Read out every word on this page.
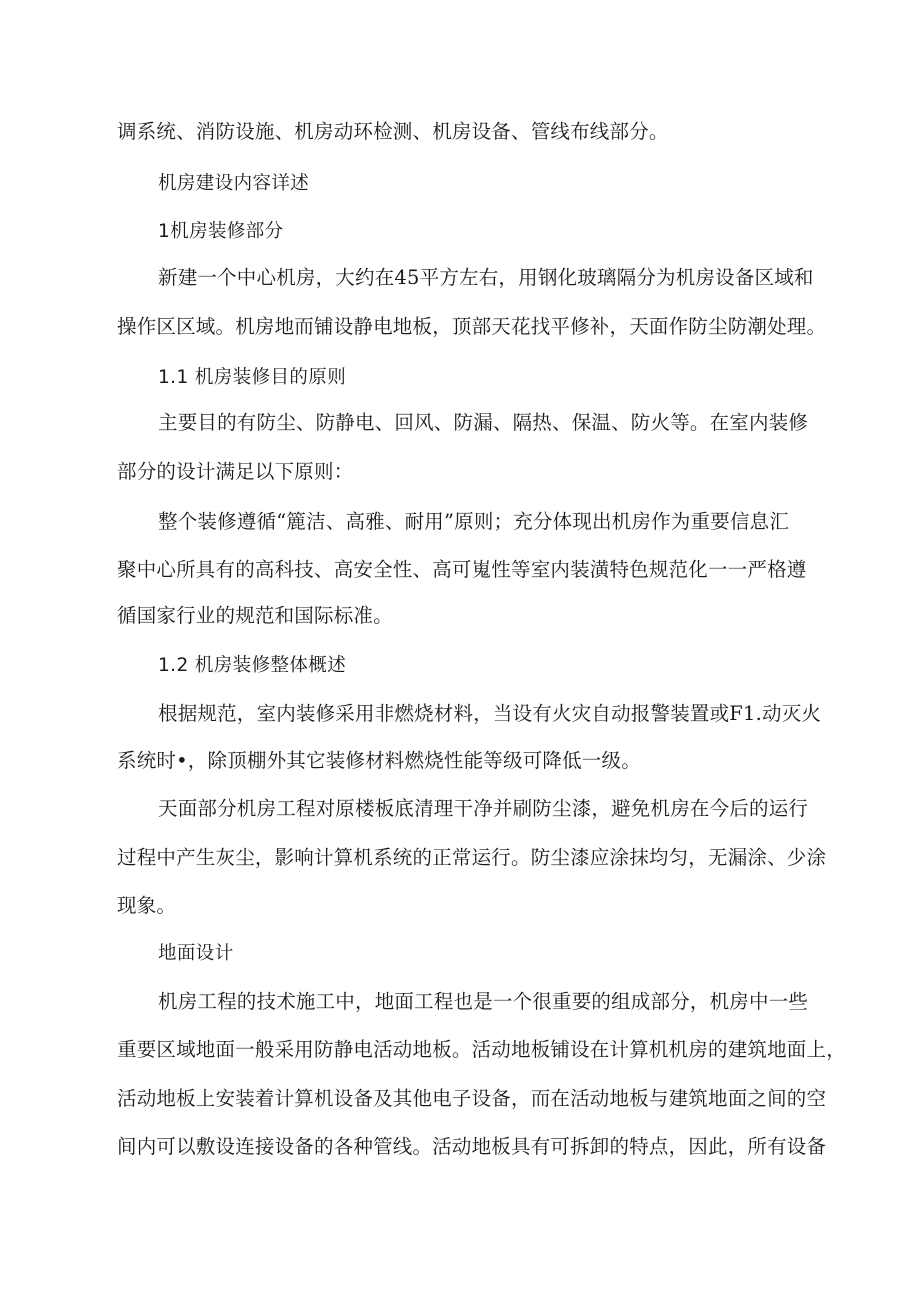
调系统、消防设施、机房动环检测、机房设备、管线布线部分。
机房建设内容详述
1机房装修部分
新建一个中心机房，大约在45平方左右，用钢化玻璃隔分为机房设备区域和
操作区区域。机房地而铺设静电地板，顶部天花找平修补，天面作防尘防潮处理。
1.1 机房装修目的原则
主要目的有防尘、防静电、回风、防漏、隔热、保温、防火等。在室内装修
部分的设计满足以下原则：
整个装修遵循“簏洁、高雅、耐用”原则；充分体现出机房作为重要信息汇
聚中心所具有的高科技、高安全性、高可嵬性等室内装潢特色规范化一一严格遵
循国家行业的规范和国际标准。
1.2 机房装修整体概述
根据规范，室内装修采用非燃烧材料，当设有火灾自动报警装置或F1.动灭火
系统时•，除顶棚外其它装修材料燃烧性能等级可降低一级。
天面部分机房工程对原楼板底清理干净并刷防尘漆，避免机房在今后的运行
过程中产生灰尘，影响计算机系统的正常运行。防尘漆应涂抹均匀，无漏涂、少涂
现象。
地面设计
机房工程的技术施工中，地面工程也是一个很重要的组成部分，机房中一些
重要区域地面一般采用防静电活动地板。活动地板铺设在计算机机房的建筑地面上，
活动地板上安装着计算机设备及其他电子设备，而在活动地板与建筑地面之间的空
间内可以敷设连接设备的各种管线。活动地板具有可拆卸的特点，因此，所有设备
